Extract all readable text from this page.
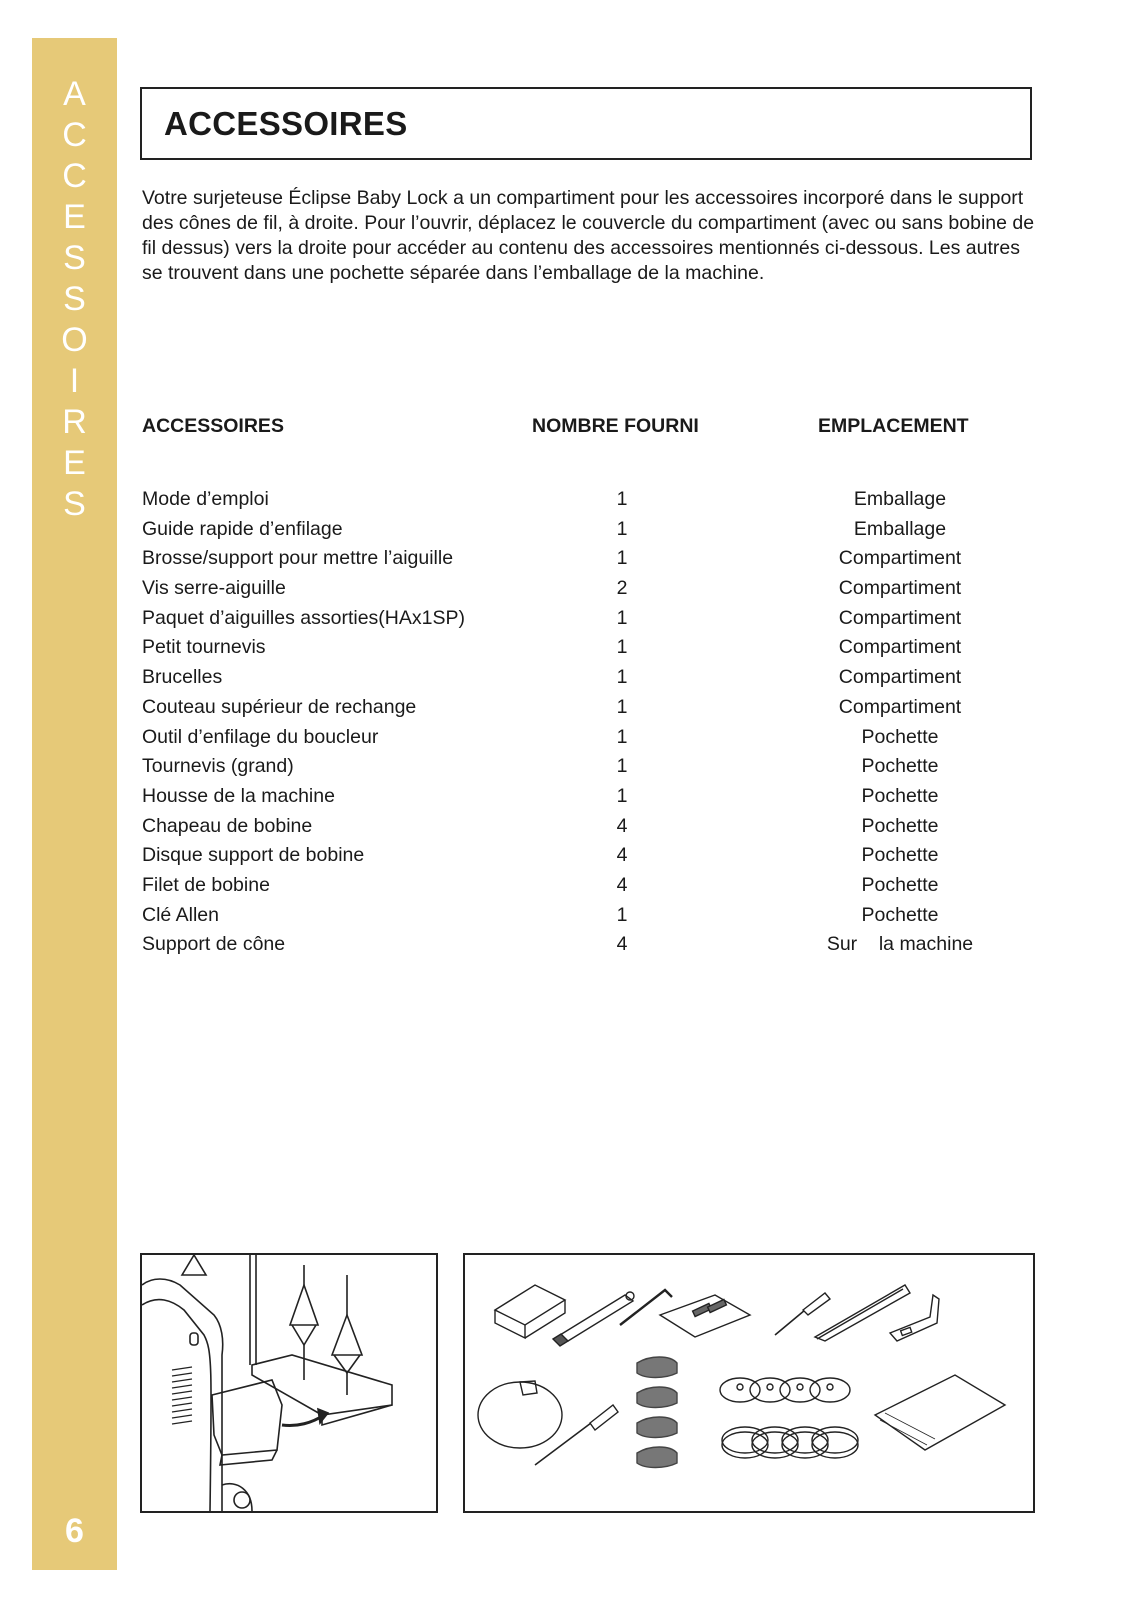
A
C
C
E
S
S
O
I
R
E
S
6
ACCESSOIRES

Votre surjeteuse Éclipse Baby Lock a un compartiment pour les accessoires incorporé dans le support des cônes de fil, à droite. Pour l’ouvrir, déplacez le couvercle du compartiment (avec ou sans bobine de fil dessus) vers la droite pour accéder au contenu des accessoires mentionnés ci-dessous. Les autres se trouvent dans une pochette séparée dans l’emballage de la machine.

ACCESSOIRES	NOMBRE FOURNI	EMPLACEMENT
Mode d’emploi	1	Emballage
Guide rapide d’enfilage	1	Emballage
Brosse/support pour mettre l’aiguille	1	Compartiment
Vis serre-aiguille	2	Compartiment
Paquet d’aiguilles assorties(HAx1SP)	1	Compartiment
Petit tournevis	1	Compartiment
Brucelles	1	Compartiment
Couteau supérieur de rechange	1	Compartiment
Outil d’enfilage du boucleur	1	Pochette
Tournevis (grand)	1	Pochette
Housse de la machine	1	Pochette
Chapeau de bobine	4	Pochette
Disque support de bobine	4	Pochette
Filet de bobine	4	Pochette
Clé Allen	1	Pochette
Support de cône	4	Sur    la machine
